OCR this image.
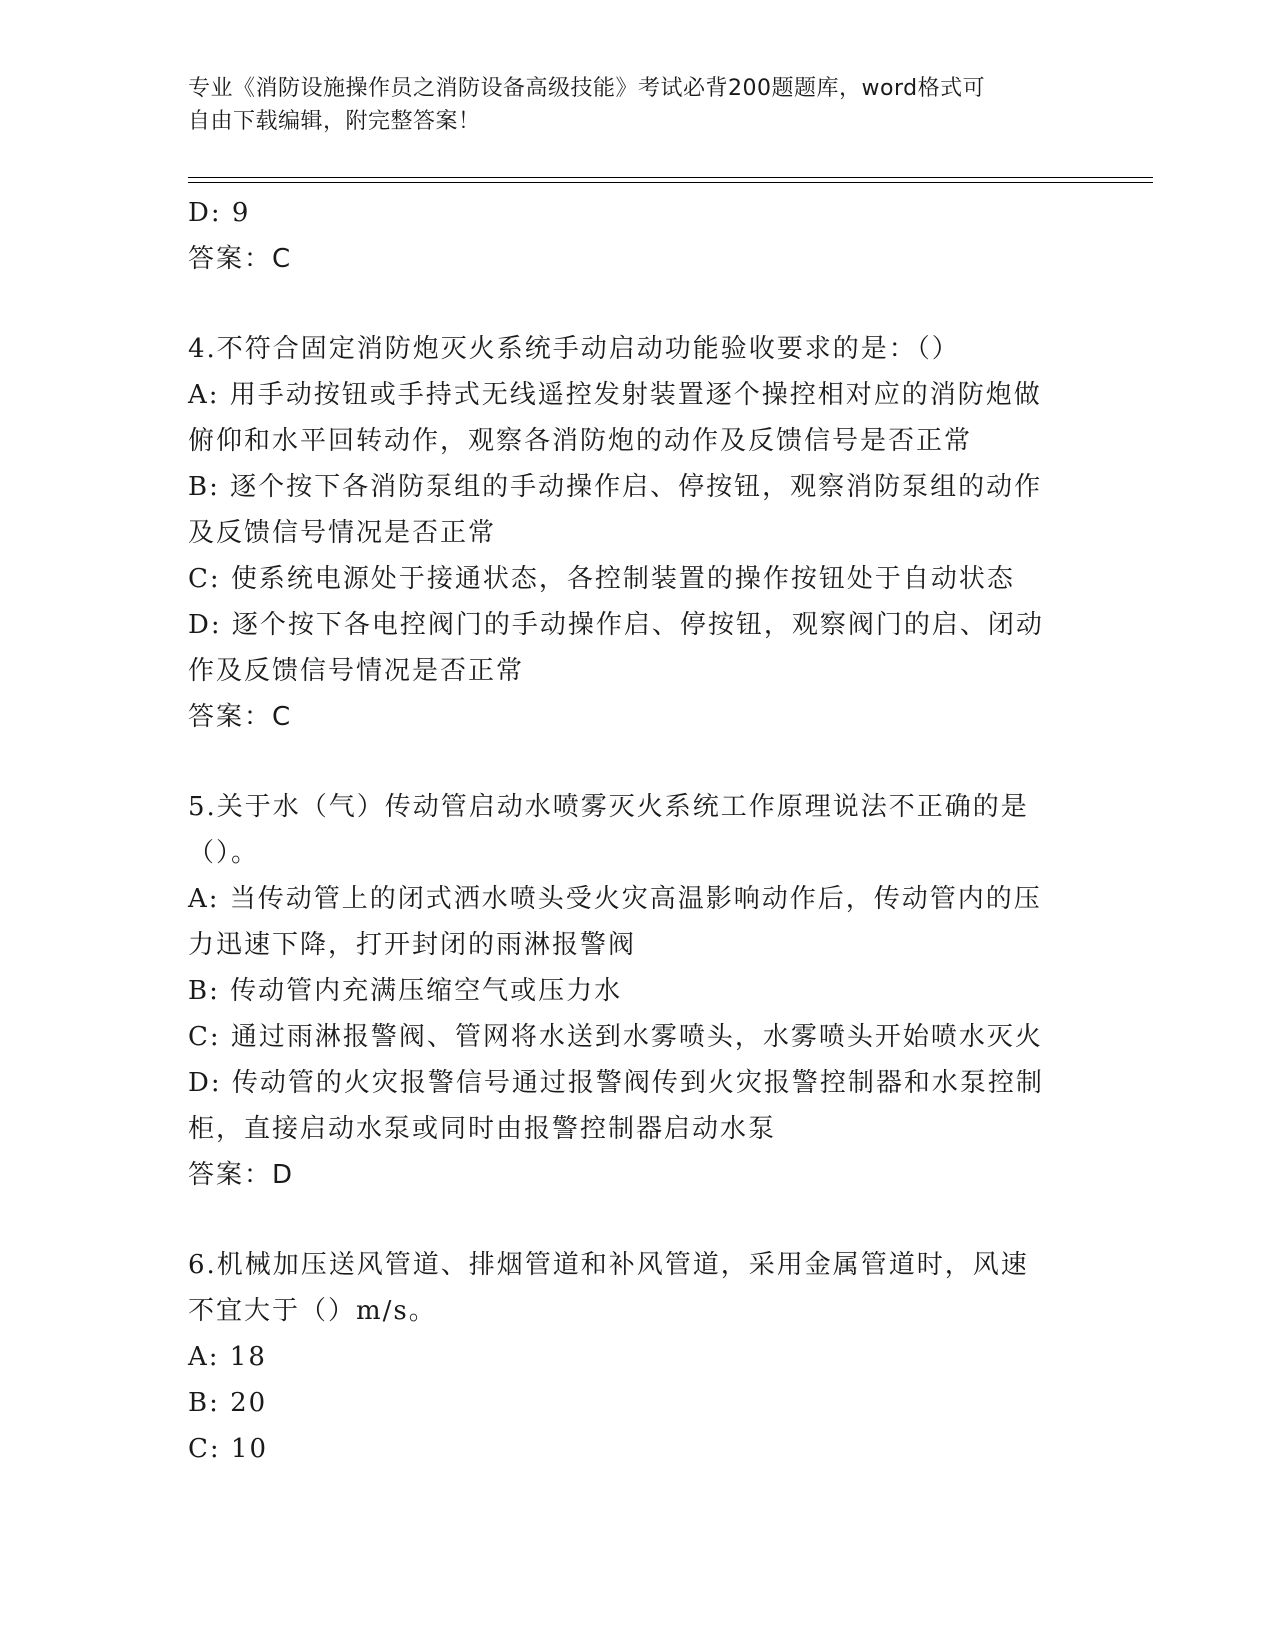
专业《消防设施操作员之消防设备高级技能》考试必背200题题库，word格式可
自由下载编辑，附完整答案！
D: 9
答案：C
4.不符合固定消防炮灭火系统手动启动功能验收要求的是：（）
A: 用手动按钮或手持式无线遥控发射装置逐个操控相对应的消防炮做
俯仰和水平回转动作，观察各消防炮的动作及反馈信号是否正常
B: 逐个按下各消防泵组的手动操作启、停按钮，观察消防泵组的动作
及反馈信号情况是否正常
C: 使系统电源处于接通状态，各控制装置的操作按钮处于自动状态
D: 逐个按下各电控阀门的手动操作启、停按钮，观察阀门的启、闭动
作及反馈信号情况是否正常
答案：C
5.关于水（气）传动管启动水喷雾灭火系统工作原理说法不正确的是
（）。
A: 当传动管上的闭式洒水喷头受火灾高温影响动作后，传动管内的压
力迅速下降，打开封闭的雨淋报警阀
B: 传动管内充满压缩空气或压力水
C: 通过雨淋报警阀、管网将水送到水雾喷头，水雾喷头开始喷水灭火
D: 传动管的火灾报警信号通过报警阀传到火灾报警控制器和水泵控制
柜，直接启动水泵或同时由报警控制器启动水泵
答案：D
6.机械加压送风管道、排烟管道和补风管道，采用金属管道时，风速
不宜大于（）m/s。
A: 18
B: 20
C: 10
